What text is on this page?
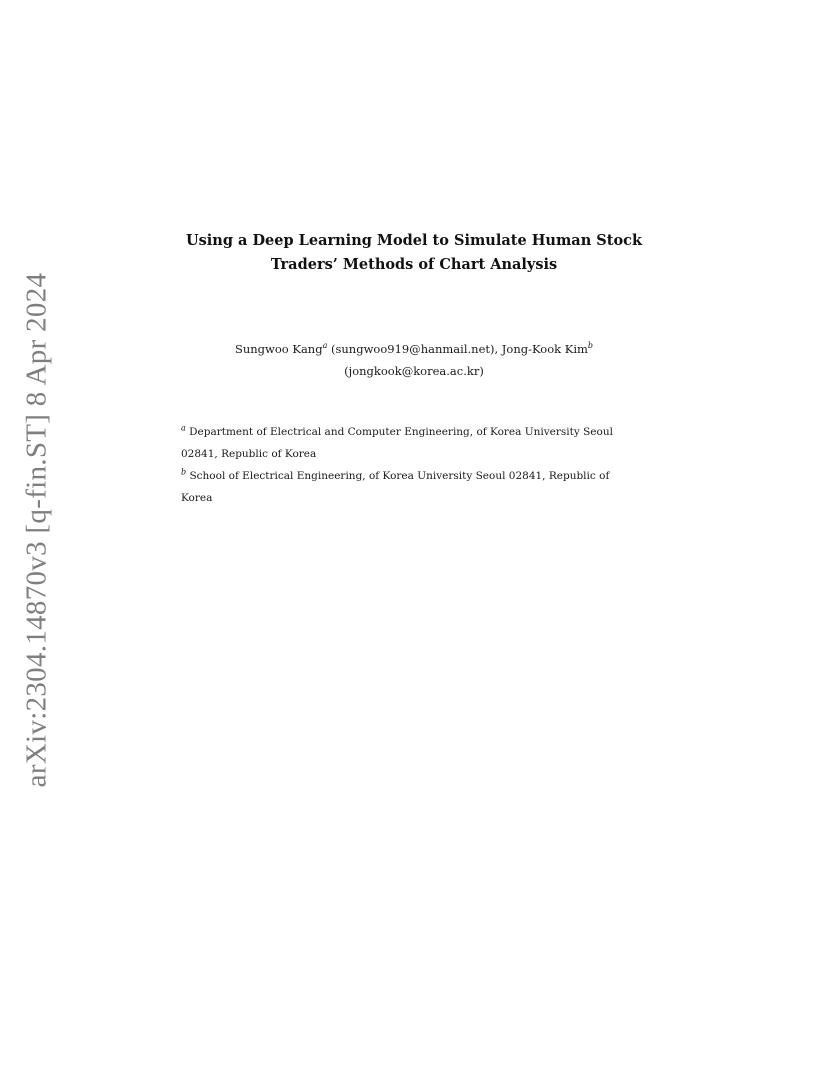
arXiv:2304.14870v3 [q-fin.ST] 8 Apr 2024
Using a Deep Learning Model to Simulate Human Stock
Traders’ Methods of Chart Analysis
Sungwoo Kang$^a$ (sungwoo919@hanmail.net), Jong-Kook Kim$^b$
(jongkook@korea.ac.kr)
$^a$ Department of Electrical and Computer Engineering, of Korea University Seoul
02841, Republic of Korea
$^b$ School of Electrical Engineering, of Korea University Seoul 02841, Republic of
Korea
